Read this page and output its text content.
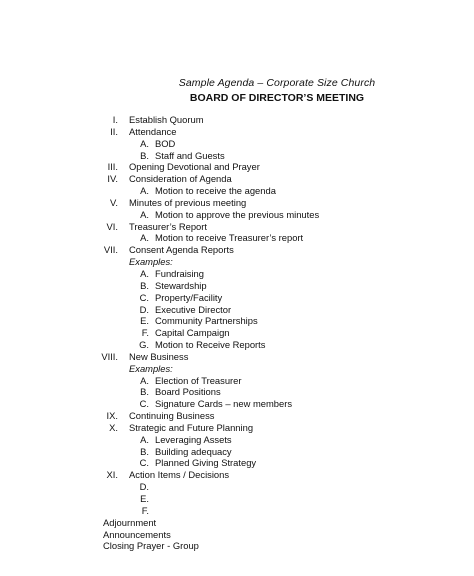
Sample Agenda – Corporate Size Church
BOARD OF DIRECTOR’S MEETING
I. Establish Quorum
II. Attendance
A. BOD
B. Staff and Guests
III. Opening Devotional and Prayer
IV. Consideration of Agenda
A. Motion to receive the agenda
V. Minutes of previous meeting
A. Motion to approve the previous minutes
VI. Treasurer’s Report
A. Motion to receive Treasurer’s report
VII. Consent Agenda Reports
Examples:
A. Fundraising
B. Stewardship
C. Property/Facility
D. Executive Director
E. Community Partnerships
F. Capital Campaign
G. Motion to Receive Reports
VIII. New Business
Examples:
A. Election of Treasurer
B. Board Positions
C. Signature Cards – new members
IX. Continuing Business
X. Strategic and Future Planning
A. Leveraging Assets
B. Building adequacy
C. Planned Giving Strategy
XI. Action Items / Decisions
D.
E.
F.
Adjournment
Announcements
Closing Prayer - Group
